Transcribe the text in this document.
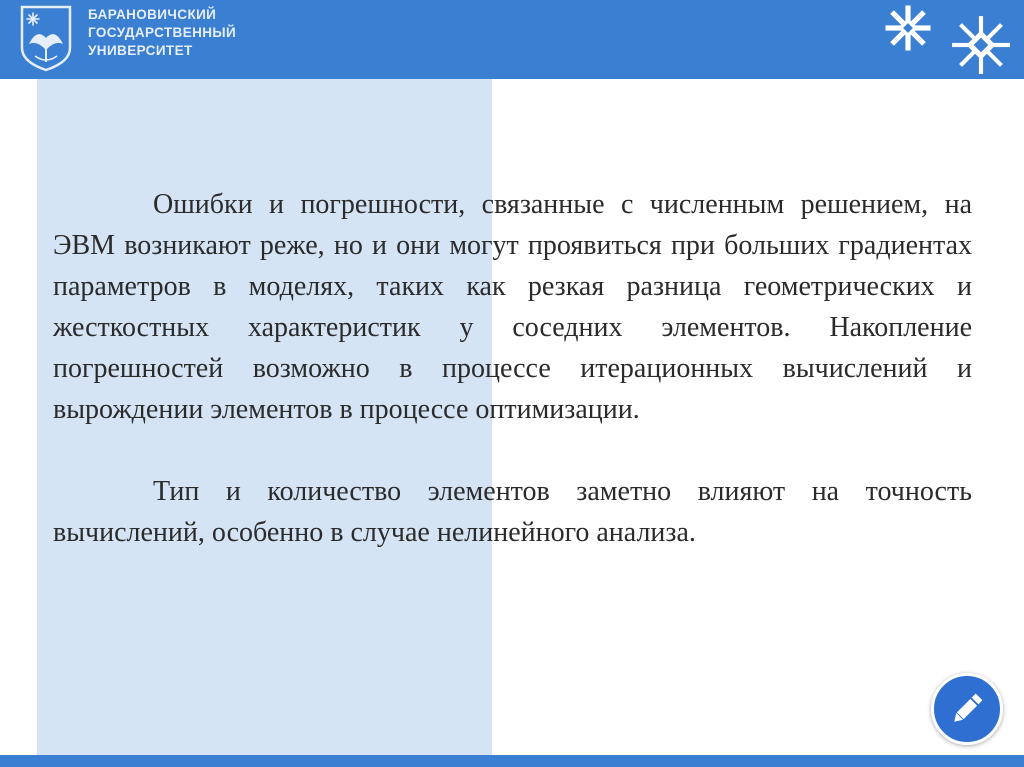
БАРАНОВИЧСКИЙ
ГОСУДАРСТВЕННЫЙ
УНИВЕРСИТЕТ

Ошибки и погрешности, связанные с численным решением, на ЭВМ возникают реже, но и они могут проявиться при больших градиентах параметров в моделях, таких как резкая разница геометрических и жесткостных характеристик у соседних элементов. Накопление погрешностей возможно в процессе итерационных вычислений и вырождении элементов в процессе оптимизации.

Тип и количество элементов заметно влияют на точность вычислений, особенно в случае нелинейного анализа.
